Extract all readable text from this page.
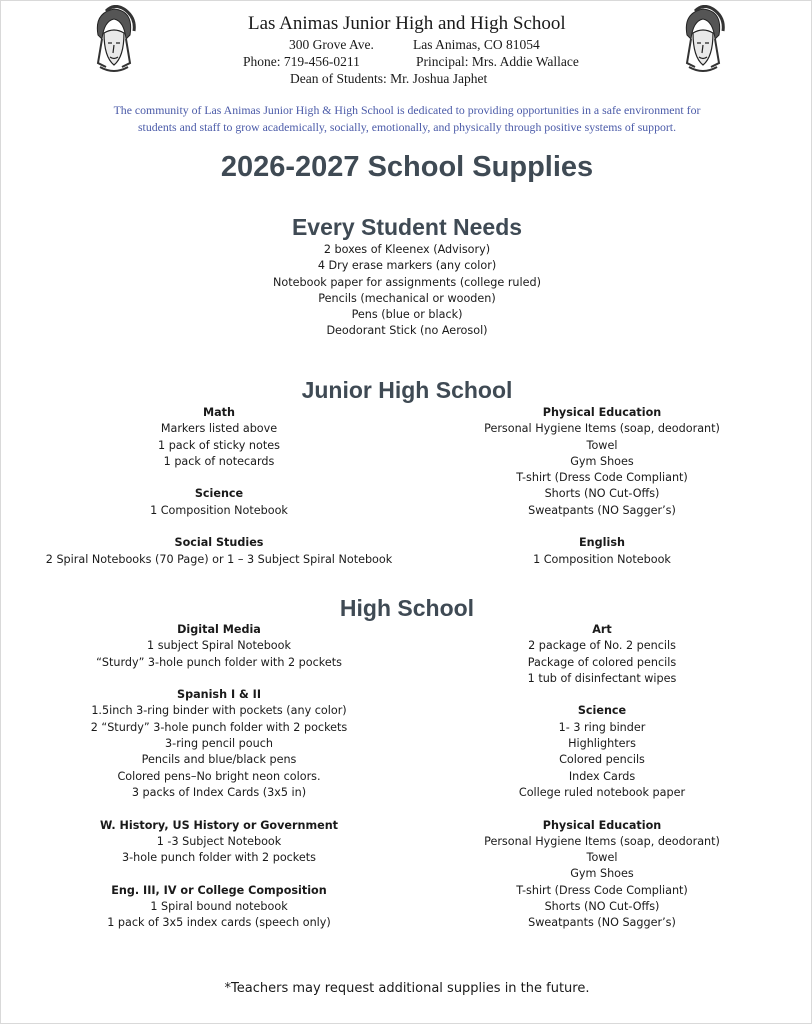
Las Animas Junior High and High School
300 Grove Ave.	Las Animas, CO 81054
Phone: 719-456-0211	Principal: Mrs. Addie Wallace
Dean of Students: Mr. Joshua Japhet
The community of Las Animas Junior High & High School is dedicated to providing opportunities in a safe environment for
students and staff to grow academically, socially, emotionally, and physically through positive systems of support.
2026-2027 School Supplies
Every Student Needs
2 boxes of Kleenex (Advisory)
4 Dry erase markers (any color)
Notebook paper for assignments (college ruled)
Pencils (mechanical or wooden)
Pens (blue or black)
Deodorant Stick (no Aerosol)
Junior High School
Math
Markers listed above
1 pack of sticky notes
1 pack of notecards

Science
1 Composition Notebook

Social Studies
2 Spiral Notebooks (70 Page) or 1 – 3 Subject Spiral Notebook
Physical Education
Personal Hygiene Items (soap, deodorant)
Towel
Gym Shoes
T-shirt (Dress Code Compliant)
Shorts (NO Cut-Offs)
Sweatpants (NO Sagger’s)

English
1 Composition Notebook
High School
Digital Media
1 subject Spiral Notebook
“Sturdy” 3-hole punch folder with 2 pockets

Spanish I & II
1.5inch 3-ring binder with pockets (any color)
2 “Sturdy” 3-hole punch folder with 2 pockets
3-ring pencil pouch
Pencils and blue/black pens
Colored pens–No bright neon colors.
3 packs of Index Cards (3x5 in)

W. History, US History or Government
1 -3 Subject Notebook
3-hole punch folder with 2 pockets

Eng. III, IV or College Composition
1 Spiral bound notebook
1 pack of 3x5 index cards (speech only)
Art
2 package of No. 2 pencils
Package of colored pencils
1 tub of disinfectant wipes

Science
1- 3 ring binder
Highlighters
Colored pencils
Index Cards
College ruled notebook paper

Physical Education
Personal Hygiene Items (soap, deodorant)
Towel
Gym Shoes
T-shirt (Dress Code Compliant)
Shorts (NO Cut-Offs)
Sweatpants (NO Sagger’s)
*Teachers may request additional supplies in the future.
